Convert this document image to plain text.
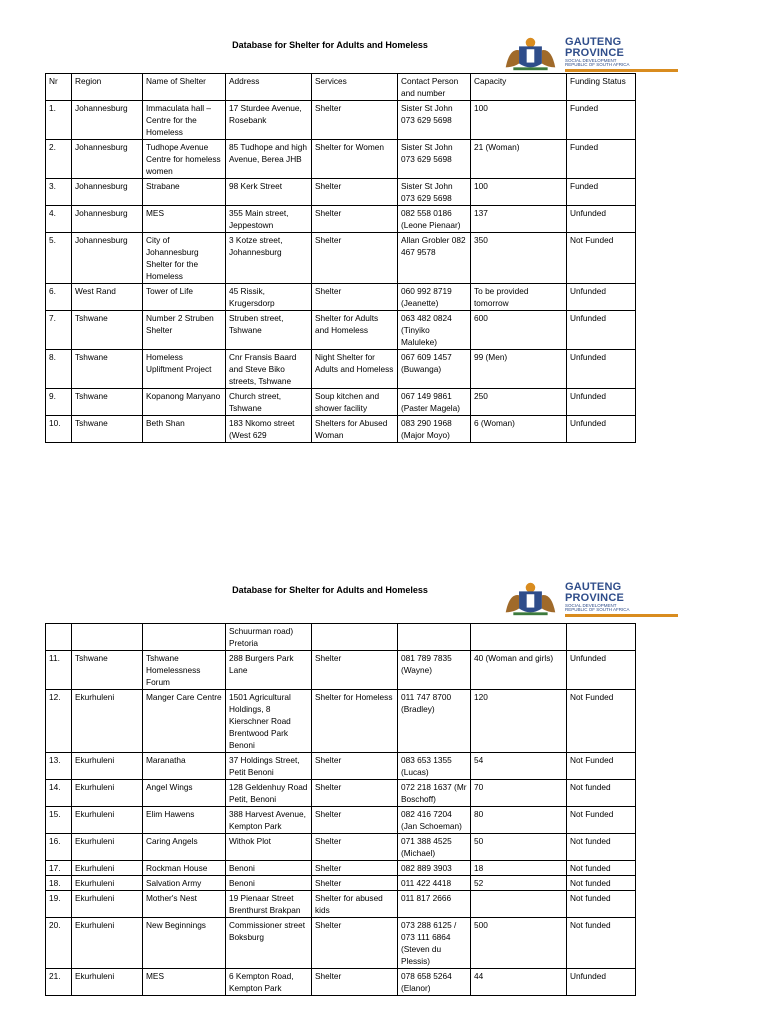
Database for Shelter for Adults and Homeless	GAUTENG PROVINCE
SOCIAL DEVELOPMENT
REPUBLIC OF SOUTH AFRICA
Nr	Region	Name of Shelter	Address	Services	Contact Person and number	Capacity	Funding Status
1.	Johannesburg	Immaculata hall – Centre for the Homeless	17 Sturdee Avenue, Rosebank	Shelter	Sister St John 073 629 5698	100	Funded
2.	Johannesburg	Tudhope Avenue Centre for homeless women	85 Tudhope and high Avenue, Berea JHB	Shelter for Women	Sister St John 073 629 5698	21 (Woman)	Funded
3.	Johannesburg	Strabane	98 Kerk Street	Shelter	Sister St John 073 629 5698	100	Funded
4.	Johannesburg	MES	355 Main street, Jeppestown	Shelter	082 558 0186 (Leone Pienaar)	137	Unfunded
5.	Johannesburg	City of Johannesburg Shelter for the Homeless	3 Kotze street, Johannesburg	Shelter	Allan Grobler 082 467 9578	350	Not Funded
6.	West Rand	Tower of Life	45 Rissik, Krugersdorp	Shelter	060 992 8719 (Jeanette)	To be provided tomorrow	Unfunded
7.	Tshwane	Number 2 Struben Shelter	Struben street, Tshwane	Shelter for Adults and Homeless	063 482 0824 (Tinyiko Maluleke)	600	Unfunded
8.	Tshwane	Homeless Upliftment Project	Cnr Fransis Baard and Steve Biko streets, Tshwane	Night Shelter for Adults and Homeless	067 609 1457 (Buwanga)	99 (Men)	Unfunded
9.	Tshwane	Kopanong Manyano	Church street, Tshwane	Soup kitchen and shower facility	067 149 9861 (Paster Magela)	250	Unfunded
10.	Tshwane	Beth Shan	183 Nkomo street (West 629	Shelters for Abused Woman	083 290 1968 (Major Moyo)	6 (Woman)	Unfunded
Database for Shelter for Adults and Homeless	GAUTENG PROVINCE
SOCIAL DEVELOPMENT
REPUBLIC OF SOUTH AFRICA
			Schuurman road) Pretoria				
11.	Tshwane	Tshwane Homelessness Forum	288 Burgers Park Lane	Shelter	081 789 7835 (Wayne)	40 (Woman and girls)	Unfunded
12.	Ekurhuleni	Manger Care Centre	1501 Agricultural Holdings, 8 Kierschner Road Brentwood Park Benoni	Shelter for Homeless	011 747 8700 (Bradley)	120	Not Funded
13.	Ekurhuleni	Maranatha	37 Holdings Street, Petit Benoni	Shelter	083 653 1355 (Lucas)	54	Not Funded
14.	Ekurhuleni	Angel Wings	128 Geldenhuy Road Petit, Benoni	Shelter	072 218 1637 (Mr Boschoff)	70	Not funded
15.	Ekurhuleni	Elim Hawens	388 Harvest Avenue, Kempton Park	Shelter	082 416 7204 (Jan Schoeman)	80	Not Funded
16.	Ekurhuleni	Caring Angels	Withok Plot	Shelter	071 388 4525 (Michael)	50	Not funded
17.	Ekurhuleni	Rockman House	Benoni	Shelter	082 889 3903	18	Not funded
18.	Ekurhuleni	Salvation Army	Benoni	Shelter	011 422 4418	52	Not funded
19.	Ekurhuleni	Mother's Nest	19 Pienaar Street Brenthurst Brakpan	Shelter for abused kids	011 817 2666		Not funded
20.	Ekurhuleni	New Beginnings	Commissioner street Boksburg	Shelter	073 288 6125 / 073 111 6864 (Steven du Plessis)	500	Not funded
21.	Ekurhuleni	MES	6 Kempton Road, Kempton Park	Shelter	078 658 5264 (Elanor)	44	Unfunded
